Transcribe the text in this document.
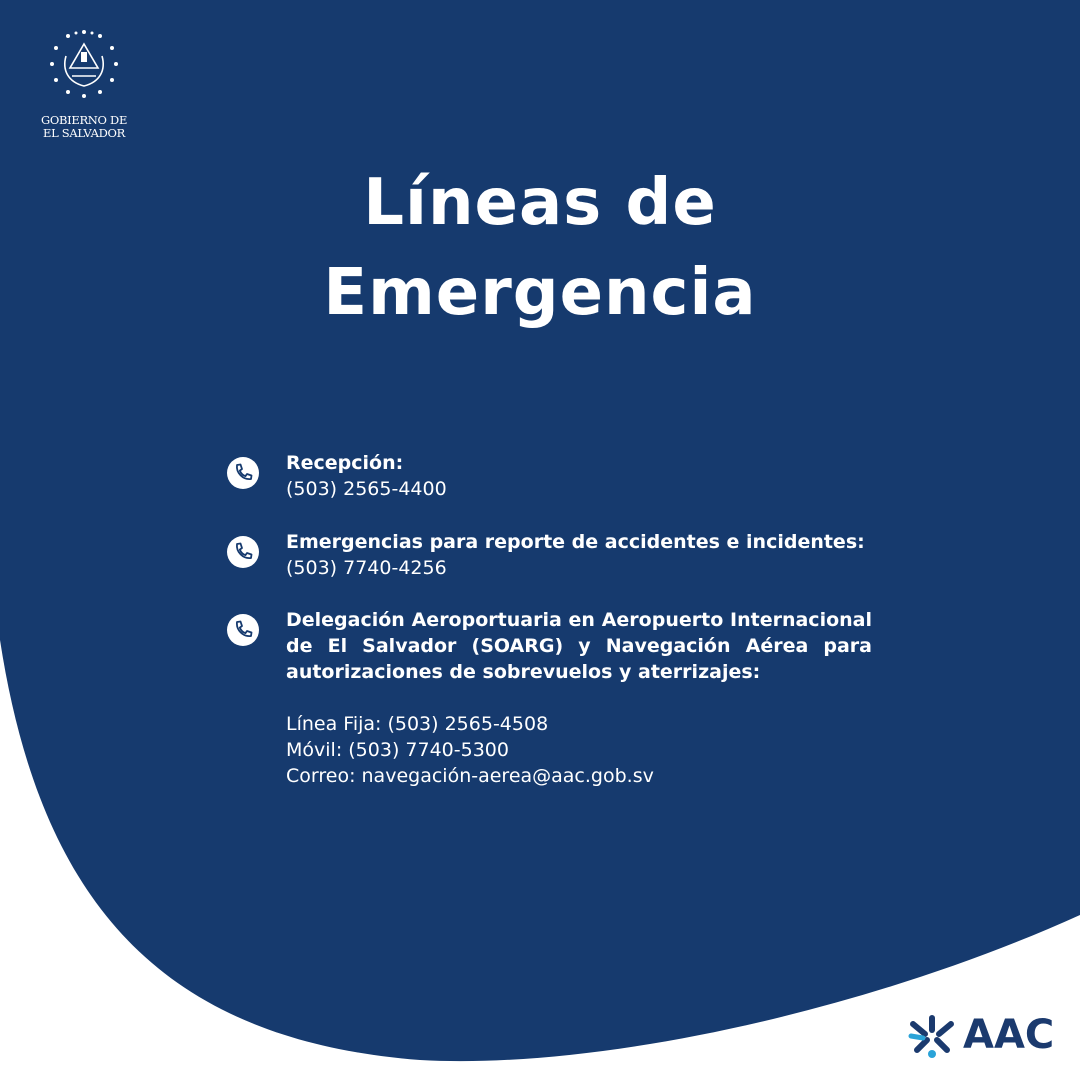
GOBIERNO DE
EL SALVADOR
Líneas de
Emergencia
Recepción:
(503) 2565-4400
Emergencias para reporte de accidentes e incidentes:
(503) 7740-4256
Delegación Aeroportuaria en Aeropuerto Internacional de El Salvador (SOARG) y Navegación Aérea para autorizaciones de sobrevuelos y aterrizajes:
Línea Fija: (503) 2565-4508
Móvil: (503) 7740-5300
Correo: navegación-aerea@aac.gob.sv
AAC
